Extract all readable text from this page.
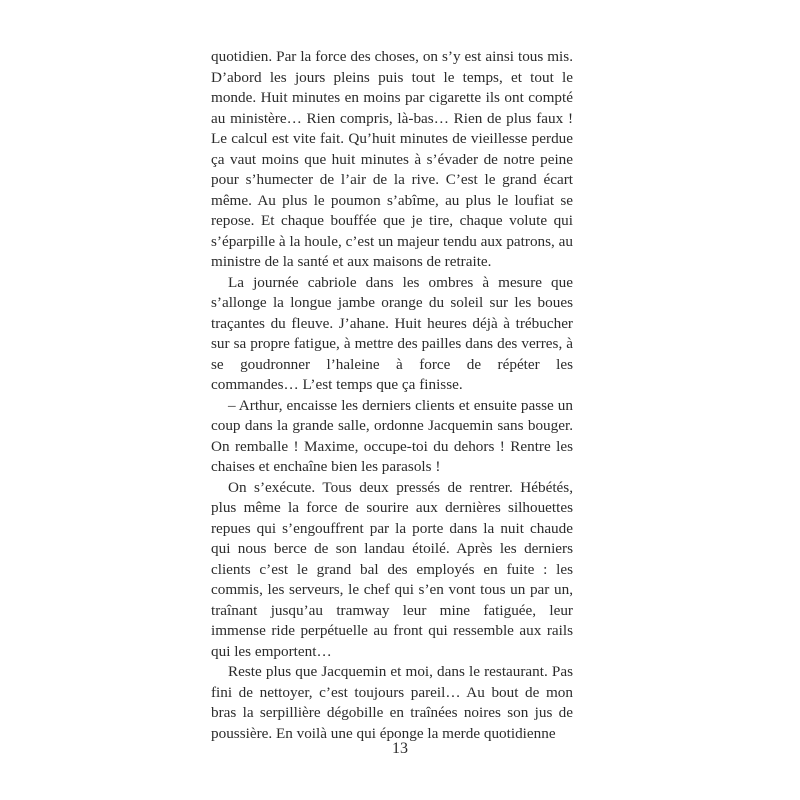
quotidien. Par la force des choses, on s’y est ainsi tous mis. D’abord les jours pleins puis tout le temps, et tout le monde. Huit minutes en moins par cigarette ils ont compté au ministère… Rien compris, là-bas… Rien de plus faux ! Le calcul est vite fait. Qu’huit minutes de vieillesse perdue ça vaut moins que huit minutes à s’évader de notre peine pour s’humecter de l’air de la rive. C’est le grand écart même. Au plus le poumon s’abîme, au plus le loufiat se repose. Et chaque bouffée que je tire, chaque volute qui s’éparpille à la houle, c’est un majeur tendu aux patrons, au ministre de la santé et aux maisons de retraite.

La journée cabriole dans les ombres à mesure que s’allonge la longue jambe orange du soleil sur les boues traçantes du fleuve. J’ahane. Huit heures déjà à trébucher sur sa propre fatigue, à mettre des pailles dans des verres, à se goudronner l’haleine à force de répéter les commandes… L’est temps que ça finisse.

– Arthur, encaisse les derniers clients et ensuite passe un coup dans la grande salle, ordonne Jacquemin sans bouger. On remballe ! Maxime, occupe-toi du dehors ! Rentre les chaises et enchaîne bien les parasols !

On s’exécute. Tous deux pressés de rentrer. Hébétés, plus même la force de sourire aux dernières silhouettes repues qui s’engouffrent par la porte dans la nuit chaude qui nous berce de son landau étoilé. Après les derniers clients c’est le grand bal des employés en fuite : les commis, les serveurs, le chef qui s’en vont tous un par un, traînant jusqu’au tramway leur mine fatiguée, leur immense ride perpétuelle au front qui ressemble aux rails qui les emportent…

Reste plus que Jacquemin et moi, dans le restaurant. Pas fini de nettoyer, c’est toujours pareil… Au bout de mon bras la serpillière dégobille en traînées noires son jus de poussière. En voilà une qui éponge la merde quotidienne

13
